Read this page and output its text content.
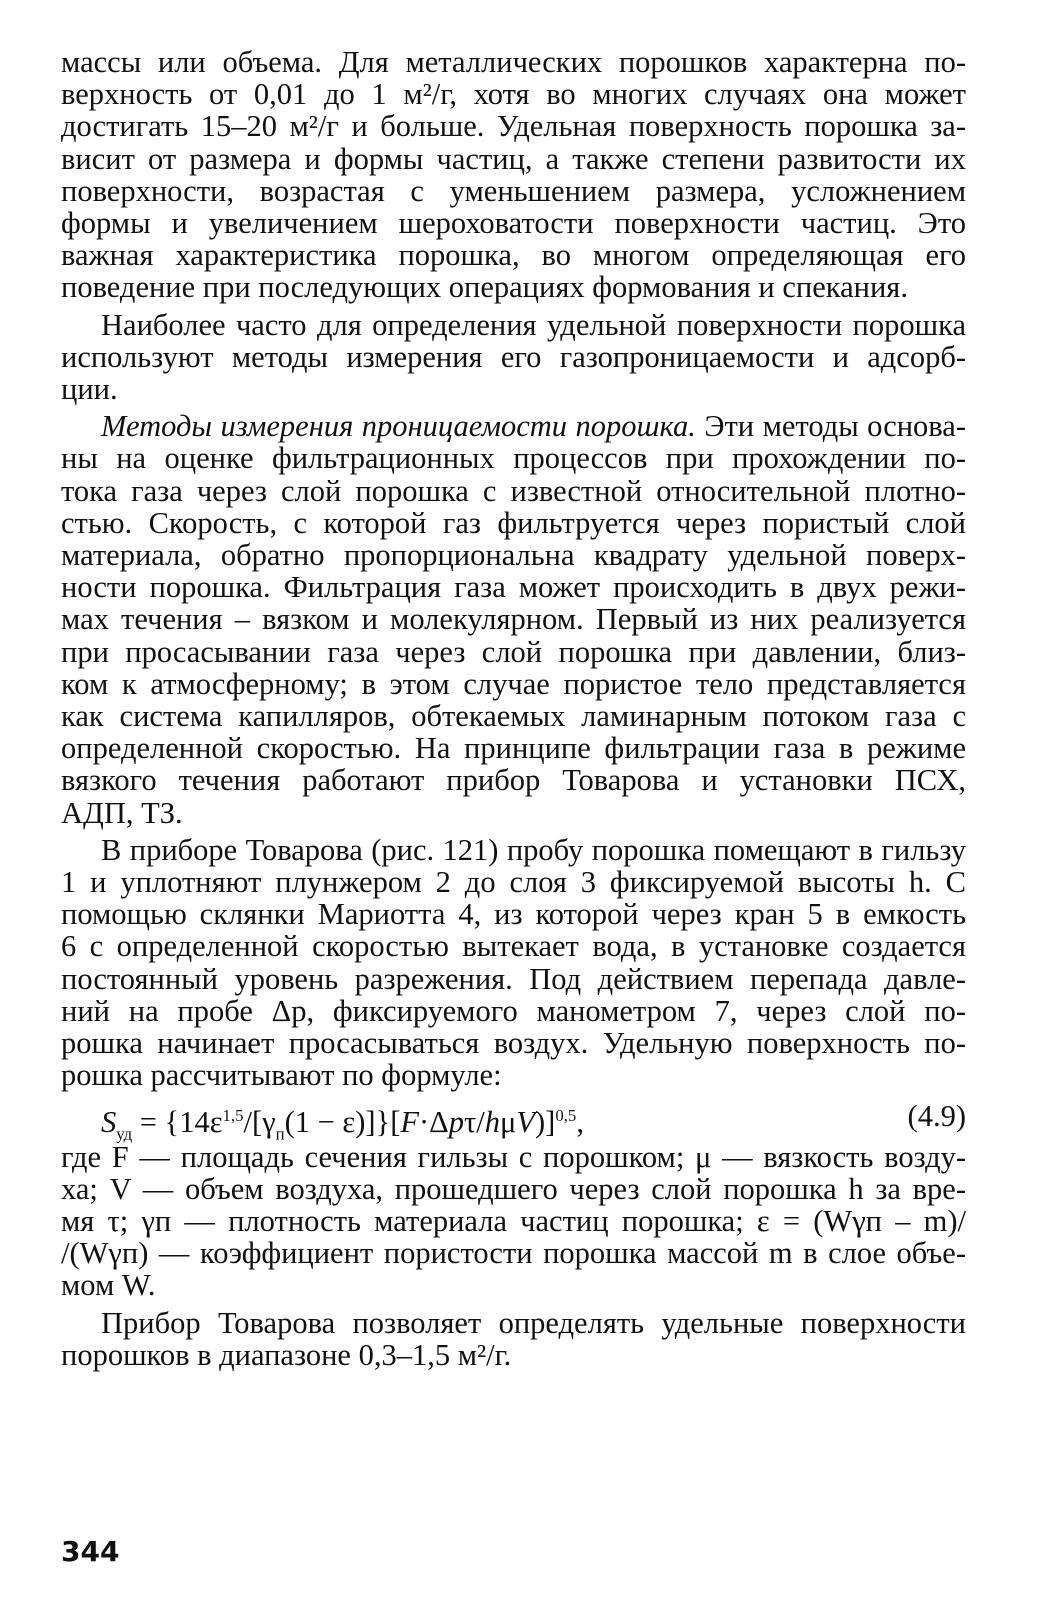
массы или объема. Для металлических порошков характерна по-
верхность от 0,01 до 1 м²/г, хотя во многих случаях она может
достигать 15–20 м²/г и больше. Удельная поверхность порошка за-
висит от размера и формы частиц, а также степени развитости их
поверхности, возрастая с уменьшением размера, усложнением
формы и увеличением шероховатости поверхности частиц. Это
важная характеристика порошка, во многом определяющая его
поведение при последующих операциях формования и спекания.
Наиболее часто для определения удельной поверхности порошка
используют методы измерения его газопроницаемости и адсорб-
ции.
Методы измерения проницаемости порошка. Эти методы основа-
ны на оценке фильтрационных процессов при прохождении по-
тока газа через слой порошка с известной относительной плотно-
стью. Скорость, с которой газ фильтруется через пористый слой
материала, обратно пропорциональна квадрату удельной поверх-
ности порошка. Фильтрация газа может происходить в двух режи-
мах течения – вязком и молекулярном. Первый из них реализуется
при просасывании газа через слой порошка при давлении, близ-
ком к атмосферному; в этом случае пористое тело представляется
как система капилляров, обтекаемых ламинарным потоком газа с
определенной скоростью. На принципе фильтрации газа в режиме
вязкого течения работают прибор Товарова и установки ПСХ,
АДП, ТЗ.
В приборе Товарова (рис. 121) пробу порошка помещают в гильзу
1 и уплотняют плунжером 2 до слоя 3 фиксируемой высоты h. С
помощью склянки Мариотта 4, из которой через кран 5 в емкость
6 с определенной скоростью вытекает вода, в установке создается
постоянный уровень разрежения. Под действием перепада давле-
ний на пробе Δp, фиксируемого манометром 7, через слой по-
рошка начинает просасываться воздух. Удельную поверхность по-
рошка рассчитывают по формуле:
$S_{уд} = \{14\varepsilon^{1,5}/[\gamma_п(1 - \varepsilon)]\}[F\cdot\Delta p\tau/h\mu V)]^{0,5}$,	(4.9)
где F — площадь сечения гильзы с порошком; μ — вязкость возду-
ха; V — объем воздуха, прошедшего через слой порошка h за вре-
мя τ; γп — плотность материала частиц порошка; ε = (Wγп – m)/
/(Wγп) — коэффициент пористости порошка массой m в слое объе-
мом W.
Прибор Товарова позволяет определять удельные поверхности
порошков в диапазоне 0,3–1,5 м²/г.
344
